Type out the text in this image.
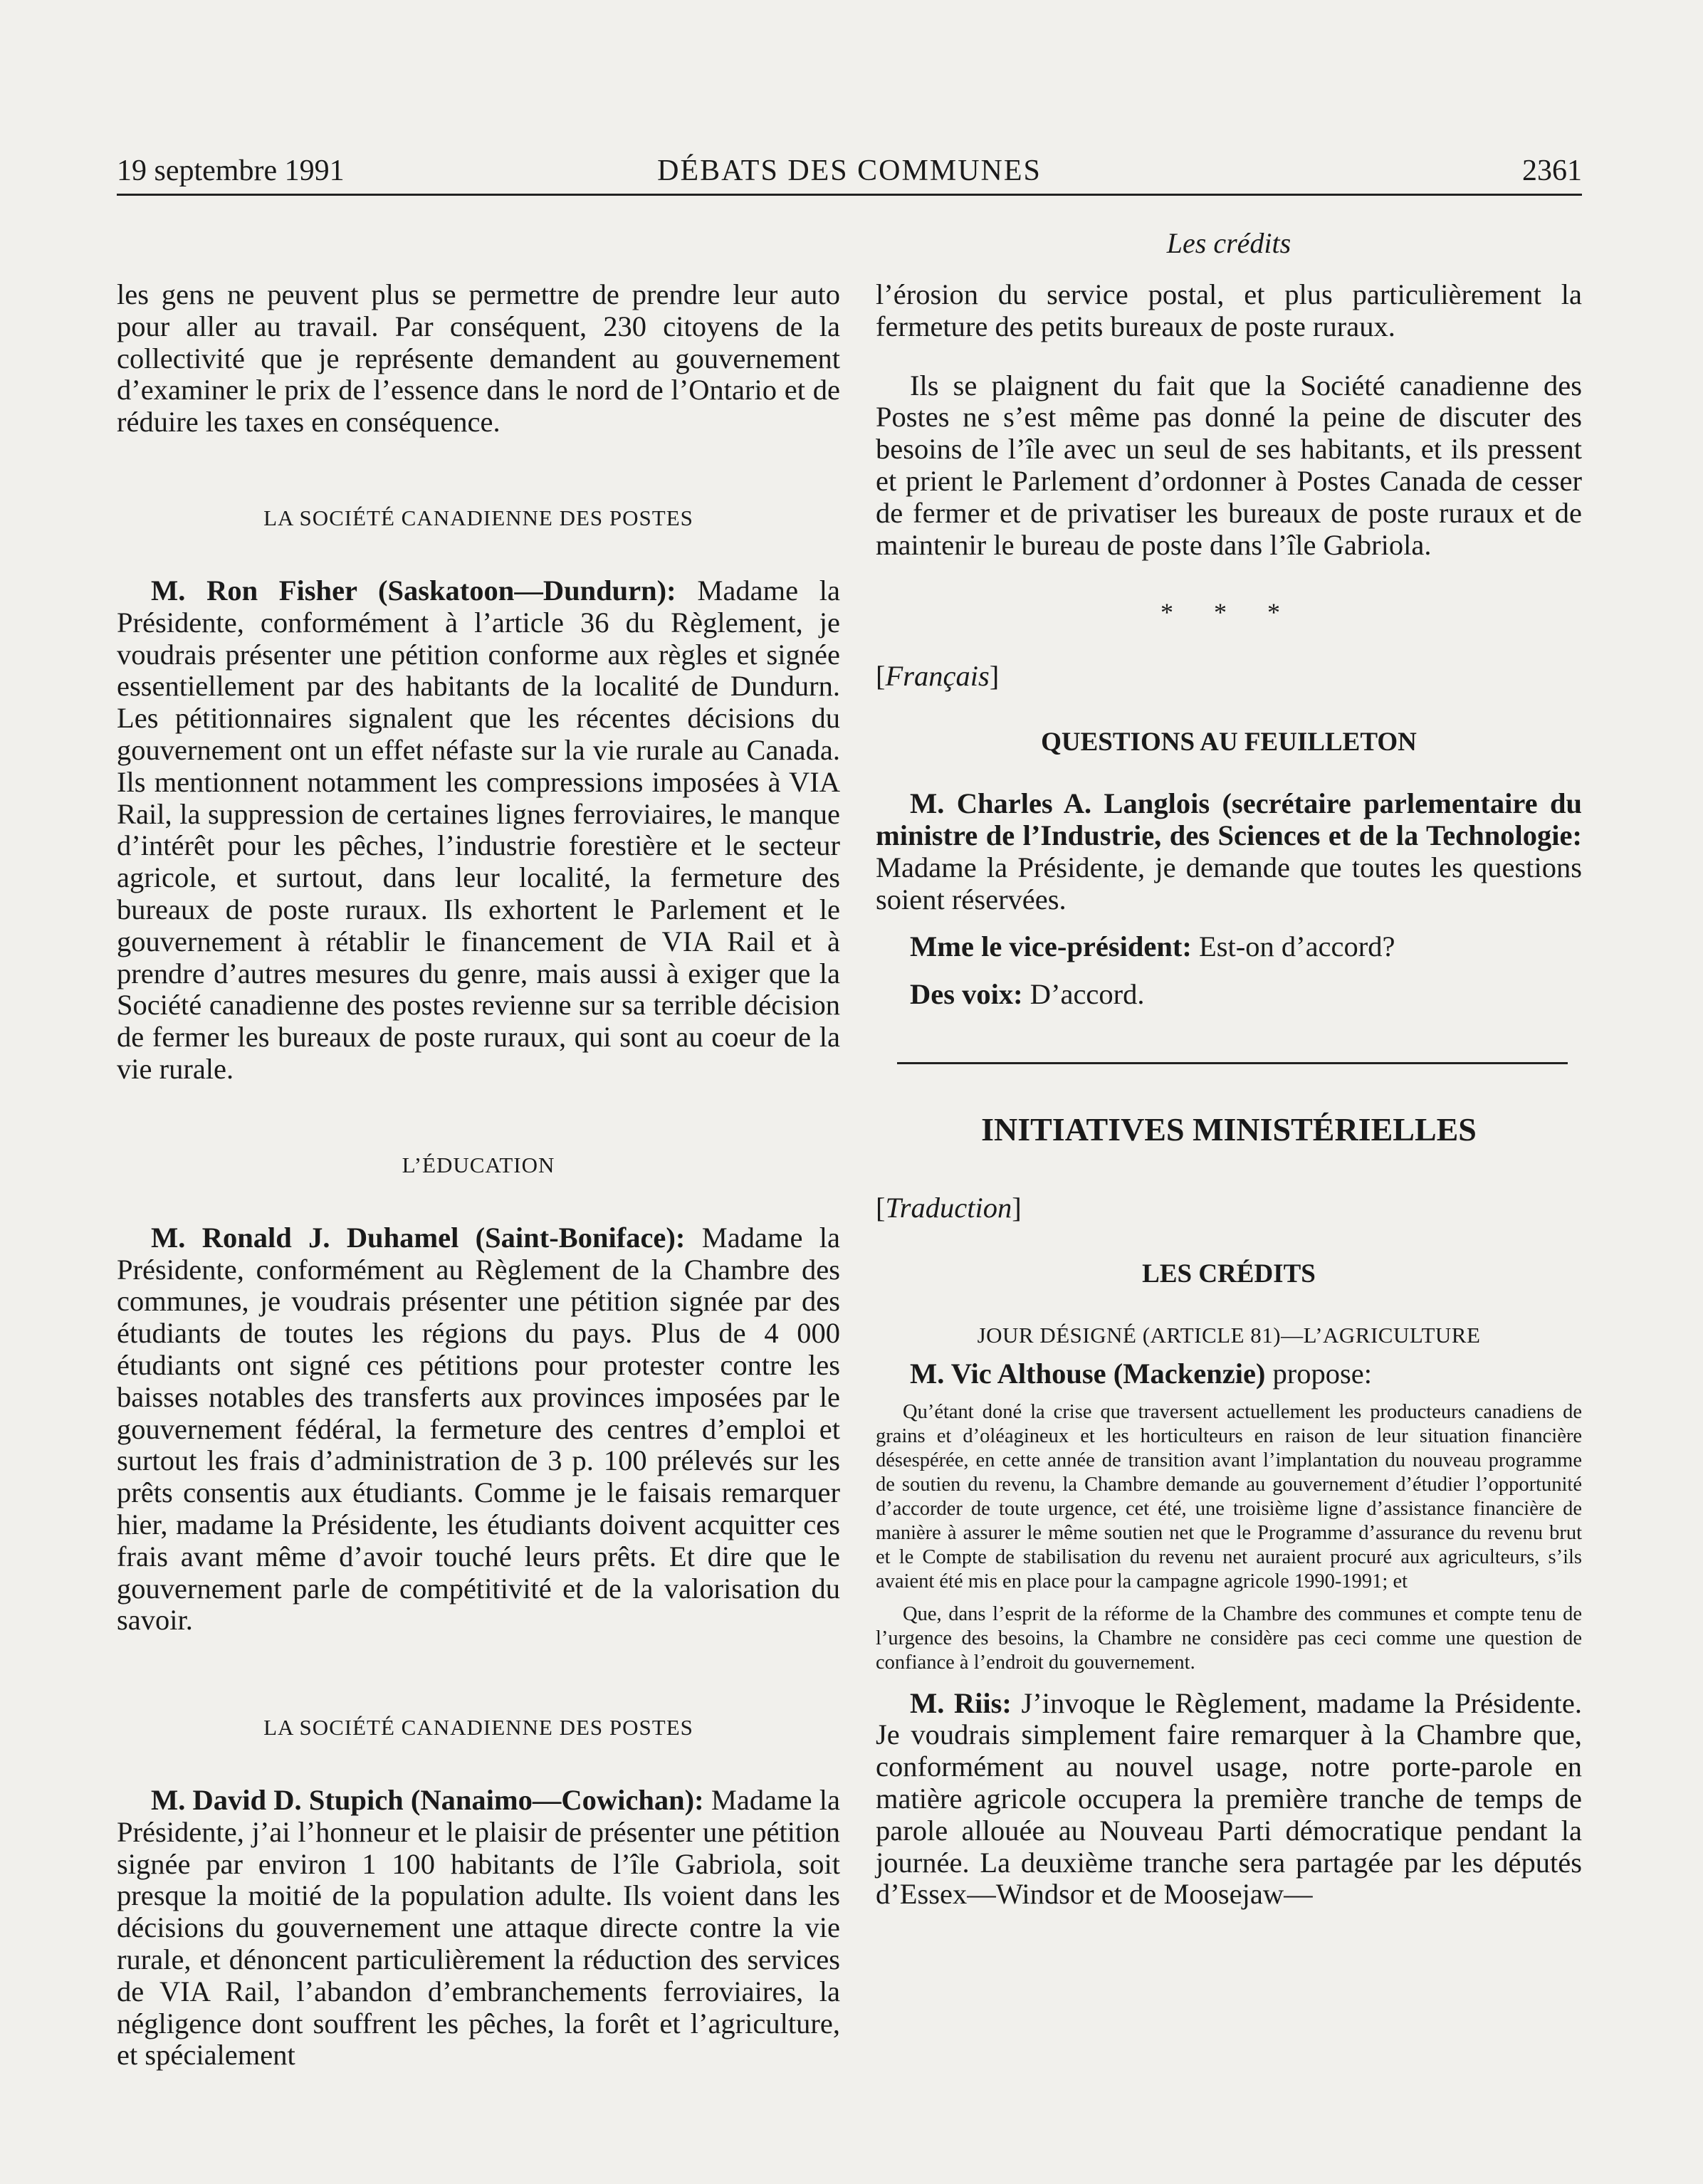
19 septembre 1991	DÉBATS DES COMMUNES	2361
Les crédits

les gens ne peuvent plus se permettre de prendre leur auto pour aller au travail. Par conséquent, 230 citoyens de la collectivité que je représente demandent au gouvernement d’examiner le prix de l’essence dans le nord de l’Ontario et de réduire les taxes en conséquence.

LA SOCIÉTÉ CANADIENNE DES POSTES

M. Ron Fisher (Saskatoon—Dundurn): Madame la Présidente, conformément à l’article 36 du Règlement, je voudrais présenter une pétition conforme aux règles et signée essentiellement par des habitants de la localité de Dundurn. Les pétitionnaires signalent que les récentes décisions du gouvernement ont un effet néfaste sur la vie rurale au Canada. Ils mentionnent notamment les compressions imposées à VIA Rail, la suppression de certaines lignes ferroviaires, le manque d’intérêt pour les pêches, l’industrie forestière et le secteur agricole, et surtout, dans leur localité, la fermeture des bureaux de poste ruraux. Ils exhortent le Parlement et le gouvernement à rétablir le financement de VIA Rail et à prendre d’autres mesures du genre, mais aussi à exiger que la Société canadienne des postes revienne sur sa terrible décision de fermer les bureaux de poste ruraux, qui sont au coeur de la vie rurale.

L’ÉDUCATION

M. Ronald J. Duhamel (Saint-Boniface): Madame la Présidente, conformément au Règlement de la Chambre des communes, je voudrais présenter une pétition signée par des étudiants de toutes les régions du pays. Plus de 4 000 étudiants ont signé ces pétitions pour protester contre les baisses notables des transferts aux provinces imposées par le gouvernement fédéral, la fermeture des centres d’emploi et surtout les frais d’administration de 3 p. 100 prélevés sur les prêts consentis aux étudiants. Comme je le faisais remarquer hier, madame la Présidente, les étudiants doivent acquitter ces frais avant même d’avoir touché leurs prêts. Et dire que le gouvernement parle de compétitivité et de la valorisation du savoir.

LA SOCIÉTÉ CANADIENNE DES POSTES

M. David D. Stupich (Nanaimo—Cowichan): Madame la Présidente, j’ai l’honneur et le plaisir de présenter une pétition signée par environ 1 100 habitants de l’île Gabriola, soit presque la moitié de la population adulte. Ils voient dans les décisions du gouvernement une attaque directe contre la vie rurale, et dénoncent particulièrement la réduction des services de VIA Rail, l’abandon d’embranchements ferroviaires, la négligence dont souffrent les pêches, la forêt et l’agriculture, et spécialement

l’érosion du service postal, et plus particulièrement la fermeture des petits bureaux de poste ruraux.

Ils se plaignent du fait que la Société canadienne des Postes ne s’est même pas donné la peine de discuter des besoins de l’île avec un seul de ses habitants, et ils pressent et prient le Parlement d’ordonner à Postes Canada de cesser de fermer et de privatiser les bureaux de poste ruraux et de maintenir le bureau de poste dans l’île Gabriola.

* * *

[Français]

QUESTIONS AU FEUILLETON

M. Charles A. Langlois (secrétaire parlementaire du ministre de l’Industrie, des Sciences et de la Technologie: Madame la Présidente, je demande que toutes les questions soient réservées.

Mme le vice-président: Est-on d’accord?

Des voix: D’accord.

INITIATIVES MINISTÉRIELLES

[Traduction]

LES CRÉDITS
JOUR DÉSIGNÉ (ARTICLE 81)—L’AGRICULTURE

M. Vic Althouse (Mackenzie) propose:

Qu’étant doné la crise que traversent actuellement les producteurs canadiens de grains et d’oléagineux et les horticulteurs en raison de leur situation financière désespérée, en cette année de transition avant l’implantation du nouveau programme de soutien du revenu, la Chambre demande au gouvernement d’étudier l’opportunité d’accorder de toute urgence, cet été, une troisième ligne d’assistance financière de manière à assurer le même soutien net que le Programme d’assurance du revenu brut et le Compte de stabilisation du revenu net auraient procuré aux agriculteurs, s’ils avaient été mis en place pour la campagne agricole 1990-1991; et

Que, dans l’esprit de la réforme de la Chambre des communes et compte tenu de l’urgence des besoins, la Chambre ne considère pas ceci comme une question de confiance à l’endroit du gouvernement.

M. Riis: J’invoque le Règlement, madame la Présidente. Je voudrais simplement faire remarquer à la Chambre que, conformément au nouvel usage, notre porte-parole en matière agricole occupera la première tranche de temps de parole allouée au Nouveau Parti démocratique pendant la journée. La deuxième tranche sera partagée par les députés d’Essex—Windsor et de Moosejaw—
